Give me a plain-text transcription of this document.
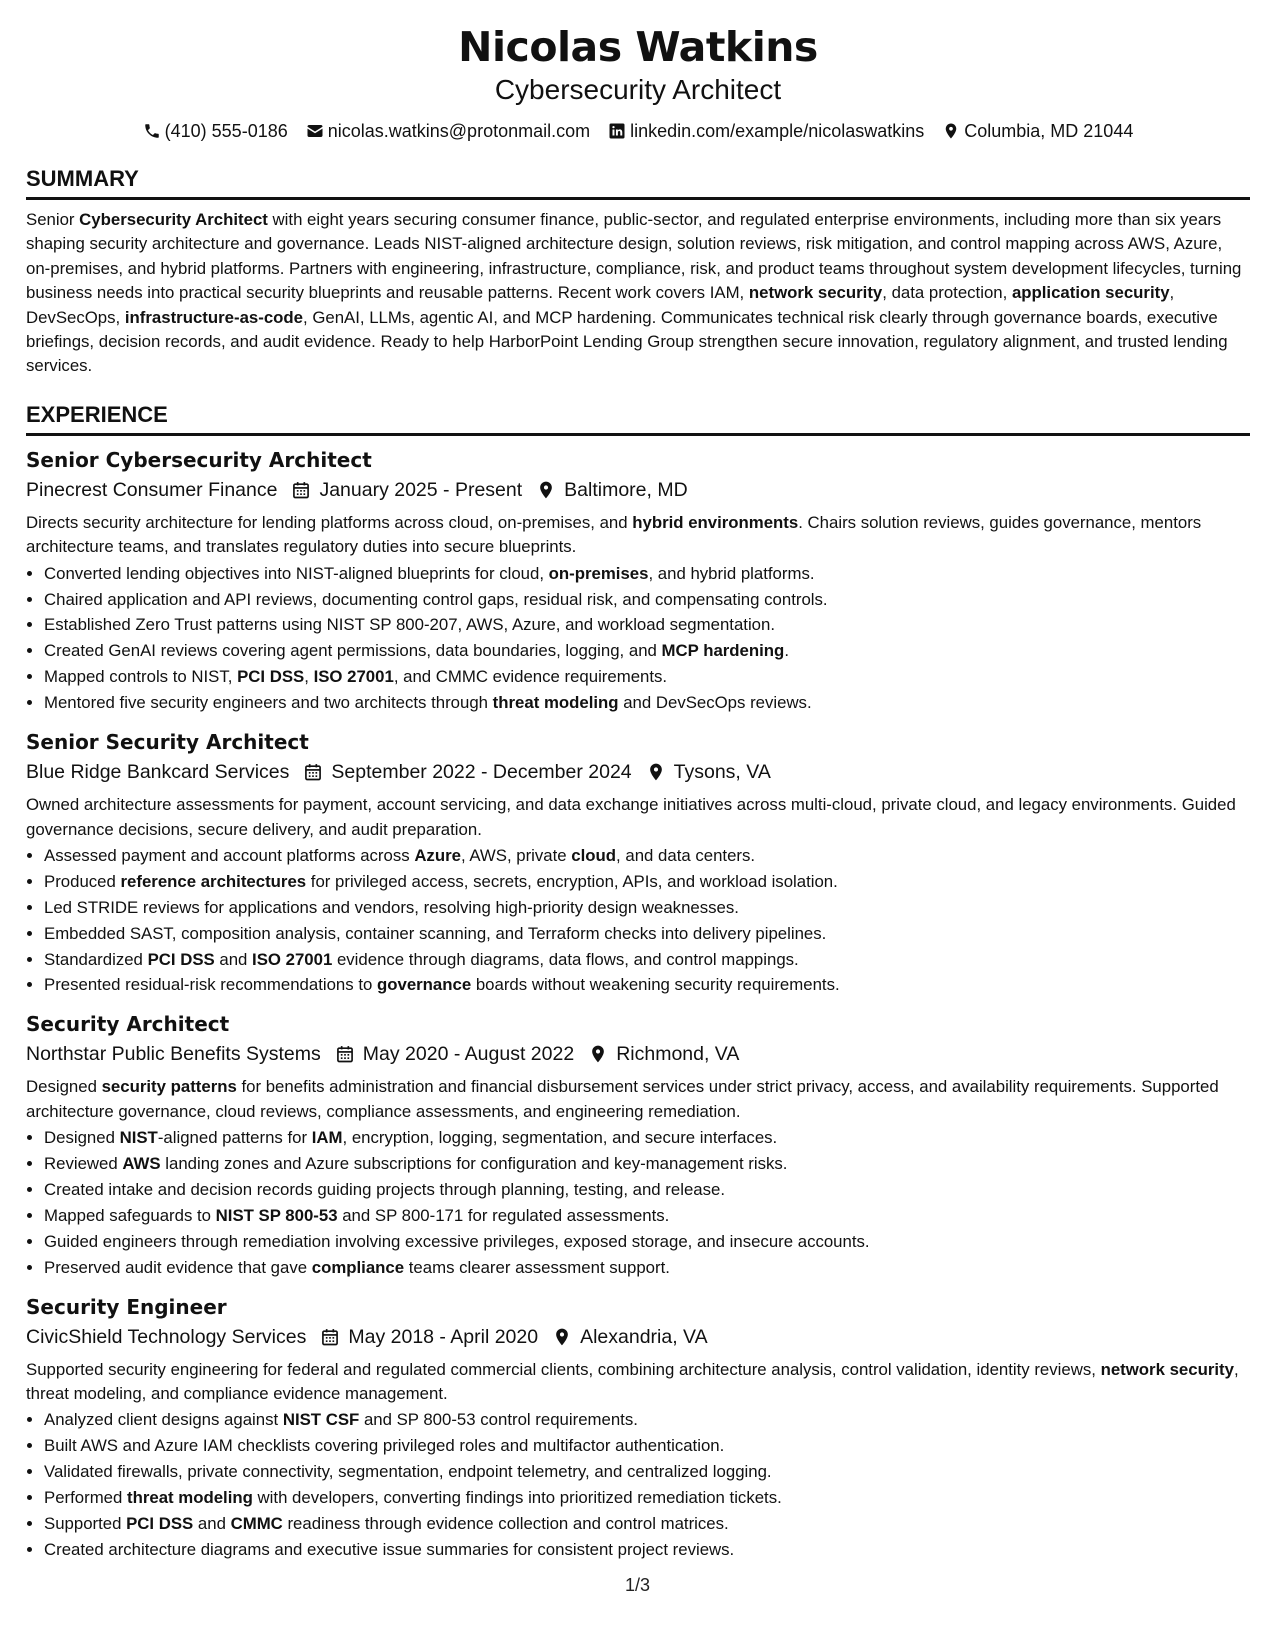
Nicolas Watkins
Cybersecurity Architect
(410) 555-0186 nicolas.watkins@protonmail.com linkedin.com/example/nicolaswatkins Columbia, MD 21044
SUMMARY
Senior Cybersecurity Architect with eight years securing consumer finance, public-sector, and regulated enterprise environments, including more than six years shaping security architecture and governance. Leads NIST-aligned architecture design, solution reviews, risk mitigation, and control mapping across AWS, Azure, on-premises, and hybrid platforms. Partners with engineering, infrastructure, compliance, risk, and product teams throughout system development lifecycles, turning business needs into practical security blueprints and reusable patterns. Recent work covers IAM, network security, data protection, application security, DevSecOps, infrastructure-as-code, GenAI, LLMs, agentic AI, and MCP hardening. Communicates technical risk clearly through governance boards, executive briefings, decision records, and audit evidence. Ready to help HarborPoint Lending Group strengthen secure innovation, regulatory alignment, and trusted lending services.
EXPERIENCE
Senior Cybersecurity Architect
Pinecrest Consumer Finance January 2025 - Present Baltimore, MD
Directs security architecture for lending platforms across cloud, on-premises, and hybrid environments. Chairs solution reviews, guides governance, mentors architecture teams, and translates regulatory duties into secure blueprints.
• Converted lending objectives into NIST-aligned blueprints for cloud, on-premises, and hybrid platforms.
• Chaired application and API reviews, documenting control gaps, residual risk, and compensating controls.
• Established Zero Trust patterns using NIST SP 800-207, AWS, Azure, and workload segmentation.
• Created GenAI reviews covering agent permissions, data boundaries, logging, and MCP hardening.
• Mapped controls to NIST, PCI DSS, ISO 27001, and CMMC evidence requirements.
• Mentored five security engineers and two architects through threat modeling and DevSecOps reviews.
Senior Security Architect
Blue Ridge Bankcard Services September 2022 - December 2024 Tysons, VA
Owned architecture assessments for payment, account servicing, and data exchange initiatives across multi-cloud, private cloud, and legacy environments. Guided governance decisions, secure delivery, and audit preparation.
• Assessed payment and account platforms across Azure, AWS, private cloud, and data centers.
• Produced reference architectures for privileged access, secrets, encryption, APIs, and workload isolation.
• Led STRIDE reviews for applications and vendors, resolving high-priority design weaknesses.
• Embedded SAST, composition analysis, container scanning, and Terraform checks into delivery pipelines.
• Standardized PCI DSS and ISO 27001 evidence through diagrams, data flows, and control mappings.
• Presented residual-risk recommendations to governance boards without weakening security requirements.
Security Architect
Northstar Public Benefits Systems May 2020 - August 2022 Richmond, VA
Designed security patterns for benefits administration and financial disbursement services under strict privacy, access, and availability requirements. Supported architecture governance, cloud reviews, compliance assessments, and engineering remediation.
• Designed NIST-aligned patterns for IAM, encryption, logging, segmentation, and secure interfaces.
• Reviewed AWS landing zones and Azure subscriptions for configuration and key-management risks.
• Created intake and decision records guiding projects through planning, testing, and release.
• Mapped safeguards to NIST SP 800-53 and SP 800-171 for regulated assessments.
• Guided engineers through remediation involving excessive privileges, exposed storage, and insecure accounts.
• Preserved audit evidence that gave compliance teams clearer assessment support.
Security Engineer
CivicShield Technology Services May 2018 - April 2020 Alexandria, VA
Supported security engineering for federal and regulated commercial clients, combining architecture analysis, control validation, identity reviews, network security, threat modeling, and compliance evidence management.
• Analyzed client designs against NIST CSF and SP 800-53 control requirements.
• Built AWS and Azure IAM checklists covering privileged roles and multifactor authentication.
• Validated firewalls, private connectivity, segmentation, endpoint telemetry, and centralized logging.
• Performed threat modeling with developers, converting findings into prioritized remediation tickets.
• Supported PCI DSS and CMMC readiness through evidence collection and control matrices.
• Created architecture diagrams and executive issue summaries for consistent project reviews.
1/3
